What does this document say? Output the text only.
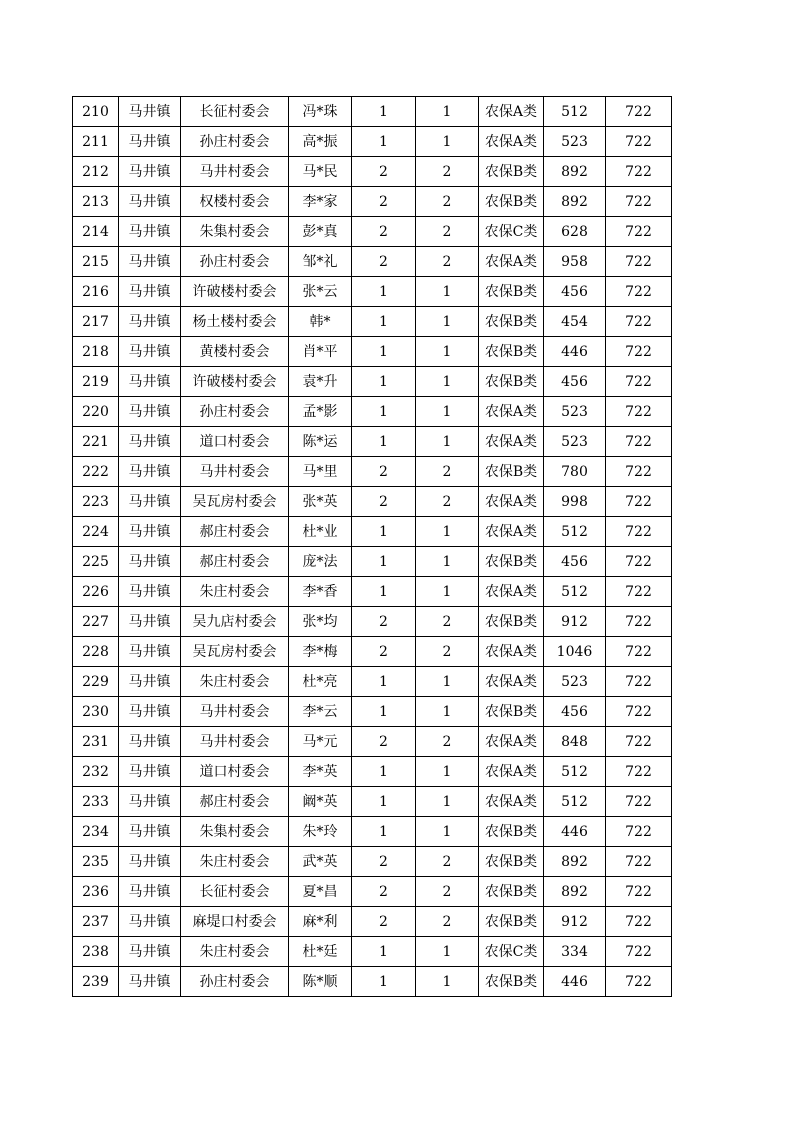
210	马井镇	长征村委会	冯*珠	1	1	农保A类	512	722
211	马井镇	孙庄村委会	高*振	1	1	农保A类	523	722
212	马井镇	马井村委会	马*民	2	2	农保B类	892	722
213	马井镇	权楼村委会	李*家	2	2	农保B类	892	722
214	马井镇	朱集村委会	彭*真	2	2	农保C类	628	722
215	马井镇	孙庄村委会	邹*礼	2	2	农保A类	958	722
216	马井镇	许破楼村委会	张*云	1	1	农保B类	456	722
217	马井镇	杨土楼村委会	韩*	1	1	农保B类	454	722
218	马井镇	黄楼村委会	肖*平	1	1	农保B类	446	722
219	马井镇	许破楼村委会	袁*升	1	1	农保B类	456	722
220	马井镇	孙庄村委会	孟*影	1	1	农保A类	523	722
221	马井镇	道口村委会	陈*运	1	1	农保A类	523	722
222	马井镇	马井村委会	马*里	2	2	农保B类	780	722
223	马井镇	吴瓦房村委会	张*英	2	2	农保A类	998	722
224	马井镇	郝庄村委会	杜*业	1	1	农保A类	512	722
225	马井镇	郝庄村委会	庞*法	1	1	农保B类	456	722
226	马井镇	朱庄村委会	李*香	1	1	农保A类	512	722
227	马井镇	吴九店村委会	张*均	2	2	农保B类	912	722
228	马井镇	吴瓦房村委会	李*梅	2	2	农保A类	1046	722
229	马井镇	朱庄村委会	杜*亮	1	1	农保A类	523	722
230	马井镇	马井村委会	李*云	1	1	农保B类	456	722
231	马井镇	马井村委会	马*元	2	2	农保A类	848	722
232	马井镇	道口村委会	李*英	1	1	农保A类	512	722
233	马井镇	郝庄村委会	阚*英	1	1	农保A类	512	722
234	马井镇	朱集村委会	朱*玲	1	1	农保B类	446	722
235	马井镇	朱庄村委会	武*英	2	2	农保B类	892	722
236	马井镇	长征村委会	夏*昌	2	2	农保B类	892	722
237	马井镇	麻堤口村委会	麻*利	2	2	农保B类	912	722
238	马井镇	朱庄村委会	杜*廷	1	1	农保C类	334	722
239	马井镇	孙庄村委会	陈*顺	1	1	农保B类	446	722
